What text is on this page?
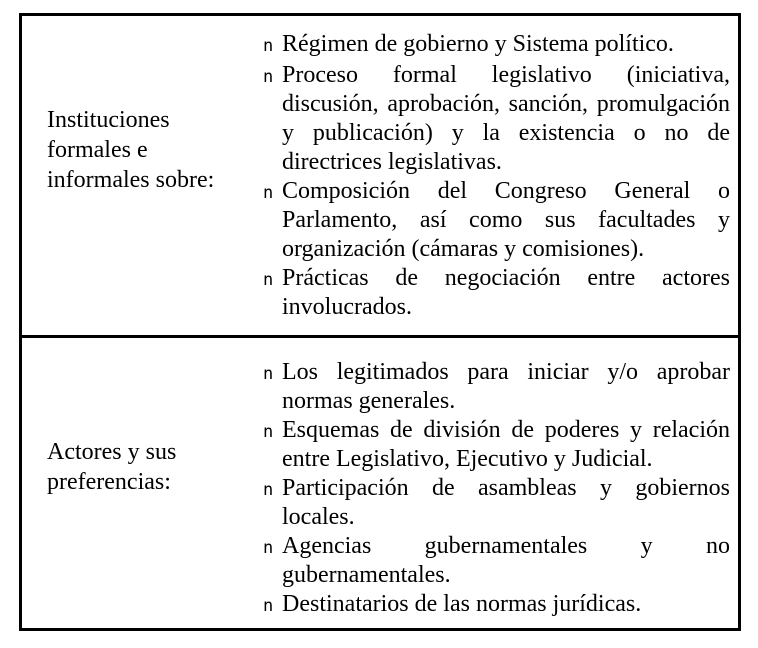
Instituciones formales e informales sobre:
n Régimen de gobierno y Sistema político.
n Proceso formal legislativo (iniciativa, discusión, aprobación, sanción, promulgación y publicación) y la existencia o no de directrices legislativas.
n Composición del Congreso General o Parlamento, así como sus facultades y organización (cámaras y comisiones).
n Prácticas de negociación entre actores involucrados.
Actores y sus preferencias:
n Los legitimados para iniciar y/o aprobar normas generales.
n Esquemas de división de poderes y relación entre Legislativo, Ejecutivo y Judicial.
n Participación de asambleas y gobiernos locales.
n Agencias gubernamentales y no gubernamentales.
n Destinatarios de las normas jurídicas.
